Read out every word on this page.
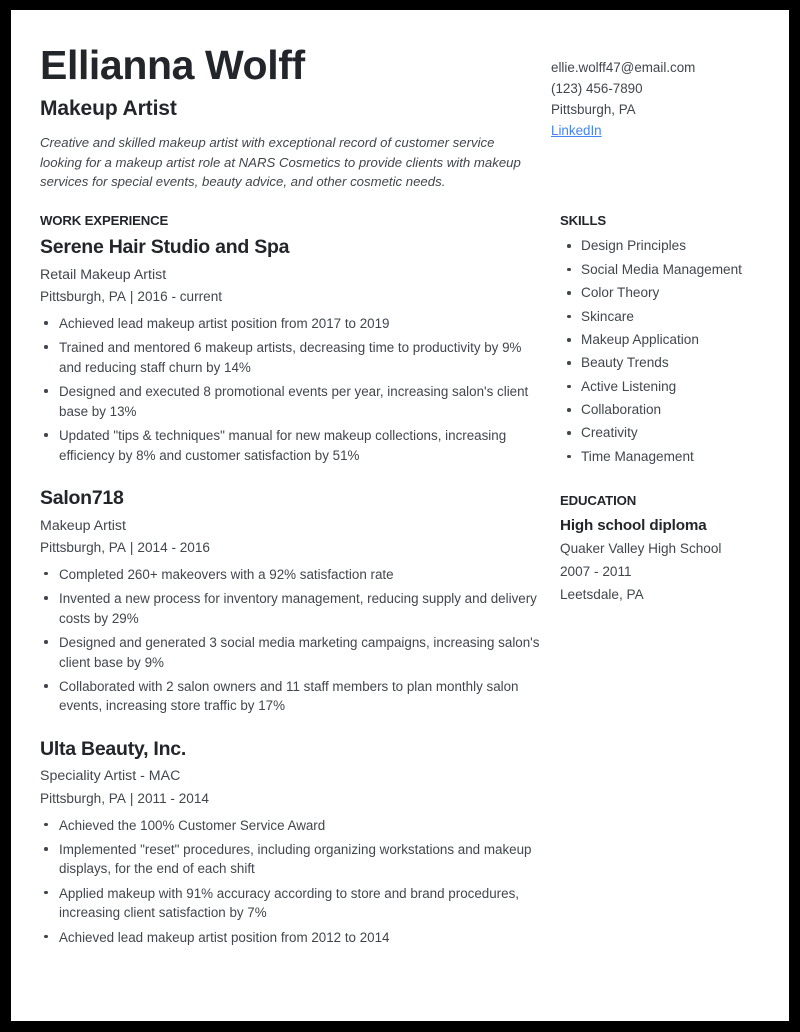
Ellianna Wolff
Makeup Artist

Creative and skilled makeup artist with exceptional record of customer service looking for a makeup artist role at NARS Cosmetics to provide clients with makeup services for special events, beauty advice, and other cosmetic needs.

ellie.wolff47@email.com
(123) 456-7890
Pittsburgh, PA
LinkedIn
WORK EXPERIENCE
Serene Hair Studio and Spa
Retail Makeup Artist
Pittsburgh, PA | 2016 - current
Achieved lead makeup artist position from 2017 to 2019
Trained and mentored 6 makeup artists, decreasing time to productivity by 9% and reducing staff churn by 14%
Designed and executed 8 promotional events per year, increasing salon's client base by 13%
Updated "tips & techniques" manual for new makeup collections, increasing efficiency by 8% and customer satisfaction by 51%
Salon718
Makeup Artist
Pittsburgh, PA | 2014 - 2016
Completed 260+ makeovers with a 92% satisfaction rate
Invented a new process for inventory management, reducing supply and delivery costs by 29%
Designed and generated 3 social media marketing campaigns, increasing salon's client base by 9%
Collaborated with 2 salon owners and 11 staff members to plan monthly salon events, increasing store traffic by 17%
Ulta Beauty, Inc.
Speciality Artist - MAC
Pittsburgh, PA | 2011 - 2014
Achieved the 100% Customer Service Award
Implemented "reset" procedures, including organizing workstations and makeup displays, for the end of each shift
Applied makeup with 91% accuracy according to store and brand procedures, increasing client satisfaction by 7%
Achieved lead makeup artist position from 2012 to 2014
SKILLS
Design Principles
Social Media Management
Color Theory
Skincare
Makeup Application
Beauty Trends
Active Listening
Collaboration
Creativity
Time Management
EDUCATION
High school diploma
Quaker Valley High School
2007 - 2011
Leetsdale, PA
